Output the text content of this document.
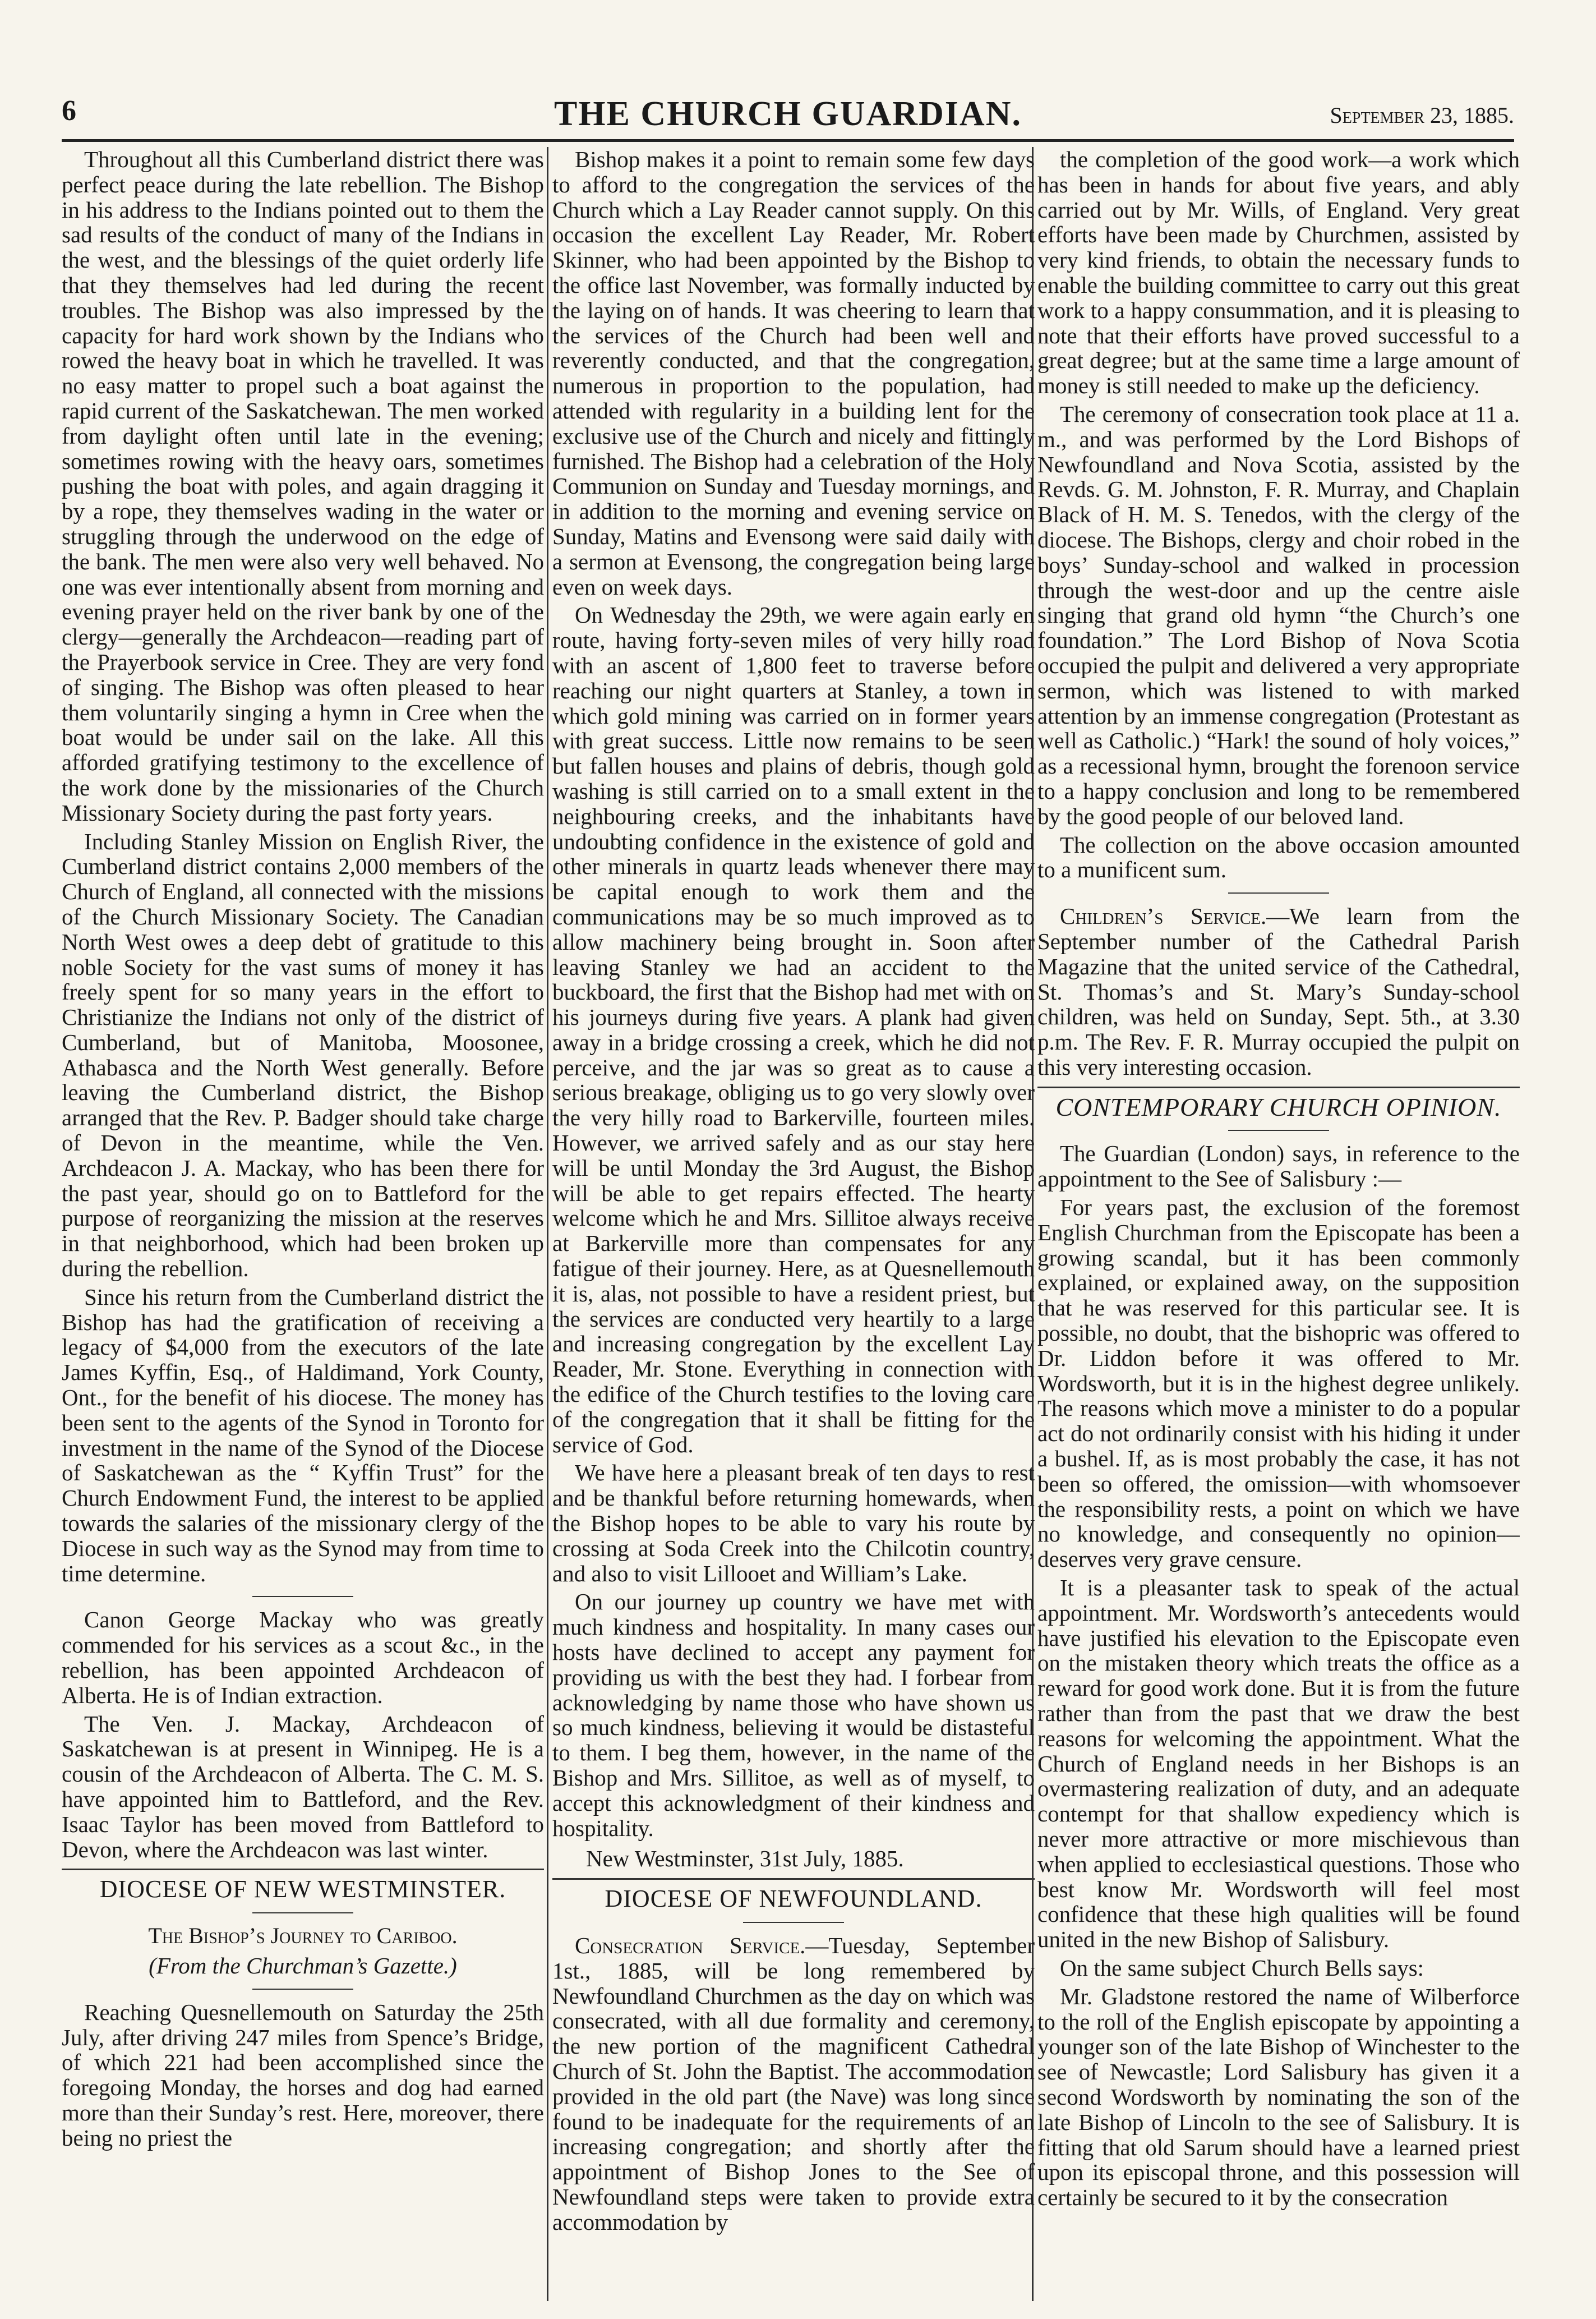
6	THE CHURCH GUARDIAN.	September 23, 1885.

Throughout all this Cumberland district there was perfect peace during the late rebellion. The Bishop in his address to the Indians pointed out to them the sad results of the conduct of many of the Indians in the west, and the blessings of the quiet orderly life that they themselves had led during the recent troubles. The Bishop was also impressed by the capacity for hard work shown by the Indians who rowed the heavy boat in which he travelled. It was no easy matter to propel such a boat against the rapid current of the Saskatchewan. The men worked from daylight often until late in the evening; sometimes rowing with the heavy oars, sometimes pushing the boat with poles, and again dragging it by a rope, they themselves wading in the water or struggling through the underwood on the edge of the bank. The men were also very well behaved. No one was ever intentionally absent from morning and evening prayer held on the river bank by one of the clergy—generally the Archdeacon—reading part of the Prayerbook service in Cree. They are very fond of singing. The Bishop was often pleased to hear them voluntarily singing a hymn in Cree when the boat would be under sail on the lake. All this afforded gratifying testimony to the excellence of the work done by the missionaries of the Church Missionary Society during the past forty years.

Including Stanley Mission on English River, the Cumberland district contains 2,000 members of the Church of England, all connected with the missions of the Church Missionary Society. The Canadian North West owes a deep debt of gratitude to this noble Society for the vast sums of money it has freely spent for so many years in the effort to Christianize the Indians not only of the district of Cumberland, but of Manitoba, Moosonee, Athabasca and the North West generally. Before leaving the Cumberland district, the Bishop arranged that the Rev. P. Badger should take charge of Devon in the meantime, while the Ven. Archdeacon J. A. Mackay, who has been there for the past year, should go on to Battleford for the purpose of reorganizing the mission at the reserves in that neighborhood, which had been broken up during the rebellion.

Since his return from the Cumberland district the Bishop has had the gratification of receiving a legacy of $4,000 from the executors of the late James Kyffin, Esq., of Haldimand, York County, Ont., for the benefit of his diocese. The money has been sent to the agents of the Synod in Toronto for investment in the name of the Synod of the Diocese of Saskatchewan as the “ Kyffin Trust” for the Church Endowment Fund, the interest to be applied towards the salaries of the missionary clergy of the Diocese in such way as the Synod may from time to time determine.

Canon George Mackay who was greatly commended for his services as a scout &c., in the rebellion, has been appointed Archdeacon of Alberta. He is of Indian extraction.

The Ven. J. Mackay, Archdeacon of Saskatchewan is at present in Winnipeg. He is a cousin of the Archdeacon of Alberta. The C. M. S. have appointed him to Battleford, and the Rev. Isaac Taylor has been moved from Battleford to Devon, where the Archdeacon was last winter.

DIOCESE OF NEW WESTMINSTER.
The Bishop’s Journey to Cariboo.
(From the Churchman’s Gazette.)

Reaching Quesnellemouth on Saturday the 25th July, after driving 247 miles from Spence’s Bridge, of which 221 had been accomplished since the foregoing Monday, the horses and dog had earned more than their Sunday’s rest. Here, moreover, there being no priest the

Bishop makes it a point to remain some few days to afford to the congregation the services of the Church which a Lay Reader cannot supply. On this occasion the excellent Lay Reader, Mr. Robert Skinner, who had been appointed by the Bishop to the office last November, was formally inducted by the laying on of hands. It was cheering to learn that the services of the Church had been well and reverently conducted, and that the congregation, numerous in proportion to the population, had attended with regularity in a building lent for the exclusive use of the Church and nicely and fittingly furnished. The Bishop had a celebration of the Holy Communion on Sunday and Tuesday mornings, and in addition to the morning and evening service on Sunday, Matins and Evensong were said daily with a sermon at Evensong, the congregation being large even on week days.

On Wednesday the 29th, we were again early en route, having forty-seven miles of very hilly road with an ascent of 1,800 feet to traverse before reaching our night quarters at Stanley, a town in which gold mining was carried on in former years with great success. Little now remains to be seen but fallen houses and plains of debris, though gold washing is still carried on to a small extent in the neighbouring creeks, and the inhabitants have undoubting confidence in the existence of gold and other minerals in quartz leads whenever there may be capital enough to work them and the communications may be so much improved as to allow machinery being brought in. Soon after leaving Stanley we had an accident to the buckboard, the first that the Bishop had met with on his journeys during five years. A plank had given away in a bridge crossing a creek, which he did not perceive, and the jar was so great as to cause a serious breakage, obliging us to go very slowly over the very hilly road to Barkerville, fourteen miles. However, we arrived safely and as our stay here will be until Monday the 3rd August, the Bishop will be able to get repairs effected. The hearty welcome which he and Mrs. Sillitoe always receive at Barkerville more than compensates for any fatigue of their journey. Here, as at Quesnellemouth it is, alas, not possible to have a resident priest, but the services are conducted very heartily to a large and increasing congregation by the excellent Lay Reader, Mr. Stone. Everything in connection with the edifice of the Church testifies to the loving care of the congregation that it shall be fitting for the service of God.

We have here a pleasant break of ten days to rest and be thankful before returning homewards, when the Bishop hopes to be able to vary his route by crossing at Soda Creek into the Chilcotin country, and also to visit Lillooet and William’s Lake.

On our journey up country we have met with much kindness and hospitality. In many cases our hosts have declined to accept any payment for providing us with the best they had. I forbear from acknowledging by name those who have shown us so much kindness, believing it would be distasteful to them. I beg them, however, in the name of the Bishop and Mrs. Sillitoe, as well as of myself, to accept this acknowledgment of their kindness and hospitality.

New Westminster, 31st July, 1885.

DIOCESE OF NEWFOUNDLAND.

Consecration Service.—Tuesday, September 1st., 1885, will be long remembered by Newfoundland Churchmen as the day on which was consecrated, with all due formality and ceremony, the new portion of the magnificent Cathedral Church of St. John the Baptist. The accommodation provided in the old part (the Nave) was long since found to be inadequate for the requirements of an increasing congregation; and shortly after the appointment of Bishop Jones to the See of Newfoundland steps were taken to provide extra accommodation by

the completion of the good work—a work which has been in hands for about five years, and ably carried out by Mr. Wills, of England. Very great efforts have been made by Churchmen, assisted by very kind friends, to obtain the necessary funds to enable the building committee to carry out this great work to a happy consummation, and it is pleasing to note that their efforts have proved successful to a great degree; but at the same time a large amount of money is still needed to make up the deficiency.

The ceremony of consecration took place at 11 a. m., and was performed by the Lord Bishops of Newfoundland and Nova Scotia, assisted by the Revds. G. M. Johnston, F. R. Murray, and Chaplain Black of H. M. S. Tenedos, with the clergy of the diocese. The Bishops, clergy and choir robed in the boys’ Sunday-school and walked in procession through the west-door and up the centre aisle singing that grand old hymn “the Church’s one foundation.” The Lord Bishop of Nova Scotia occupied the pulpit and delivered a very appropriate sermon, which was listened to with marked attention by an immense congregation (Protestant as well as Catholic.) “Hark! the sound of holy voices,” as a recessional hymn, brought the forenoon service to a happy conclusion and long to be remembered by the good people of our beloved land.

The collection on the above occasion amounted to a munificent sum.

Children’s Service.—We learn from the September number of the Cathedral Parish Magazine that the united service of the Cathedral, St. Thomas’s and St. Mary’s Sunday-school children, was held on Sunday, Sept. 5th., at 3.30 p.m. The Rev. F. R. Murray occupied the pulpit on this very interesting occasion.

CONTEMPORARY CHURCH OPINION.

The Guardian (London) says, in reference to the appointment to the See of Salisbury :—

For years past, the exclusion of the foremost English Churchman from the Episcopate has been a growing scandal, but it has been commonly explained, or explained away, on the supposition that he was reserved for this particular see. It is possible, no doubt, that the bishopric was offered to Dr. Liddon before it was offered to Mr. Wordsworth, but it is in the highest degree unlikely. The reasons which move a minister to do a popular act do not ordinarily consist with his hiding it under a bushel. If, as is most probably the case, it has not been so offered, the omission—with whomsoever the responsibility rests, a point on which we have no knowledge, and consequently no opinion—deserves very grave censure.

It is a pleasanter task to speak of the actual appointment. Mr. Wordsworth’s antecedents would have justified his elevation to the Episcopate even on the mistaken theory which treats the office as a reward for good work done. But it is from the future rather than from the past that we draw the best reasons for welcoming the appointment. What the Church of England needs in her Bishops is an overmastering realization of duty, and an adequate contempt for that shallow expediency which is never more attractive or more mischievous than when applied to ecclesiastical questions. Those who best know Mr. Wordsworth will feel most confidence that these high qualities will be found united in the new Bishop of Salisbury.

On the same subject Church Bells says:

Mr. Gladstone restored the name of Wilberforce to the roll of the English episcopate by appointing a younger son of the late Bishop of Winchester to the see of Newcastle; Lord Salisbury has given it a second Wordsworth by nominating the son of the late Bishop of Lincoln to the see of Salisbury. It is fitting that old Sarum should have a learned priest upon its episcopal throne, and this possession will certainly be secured to it by the consecration
